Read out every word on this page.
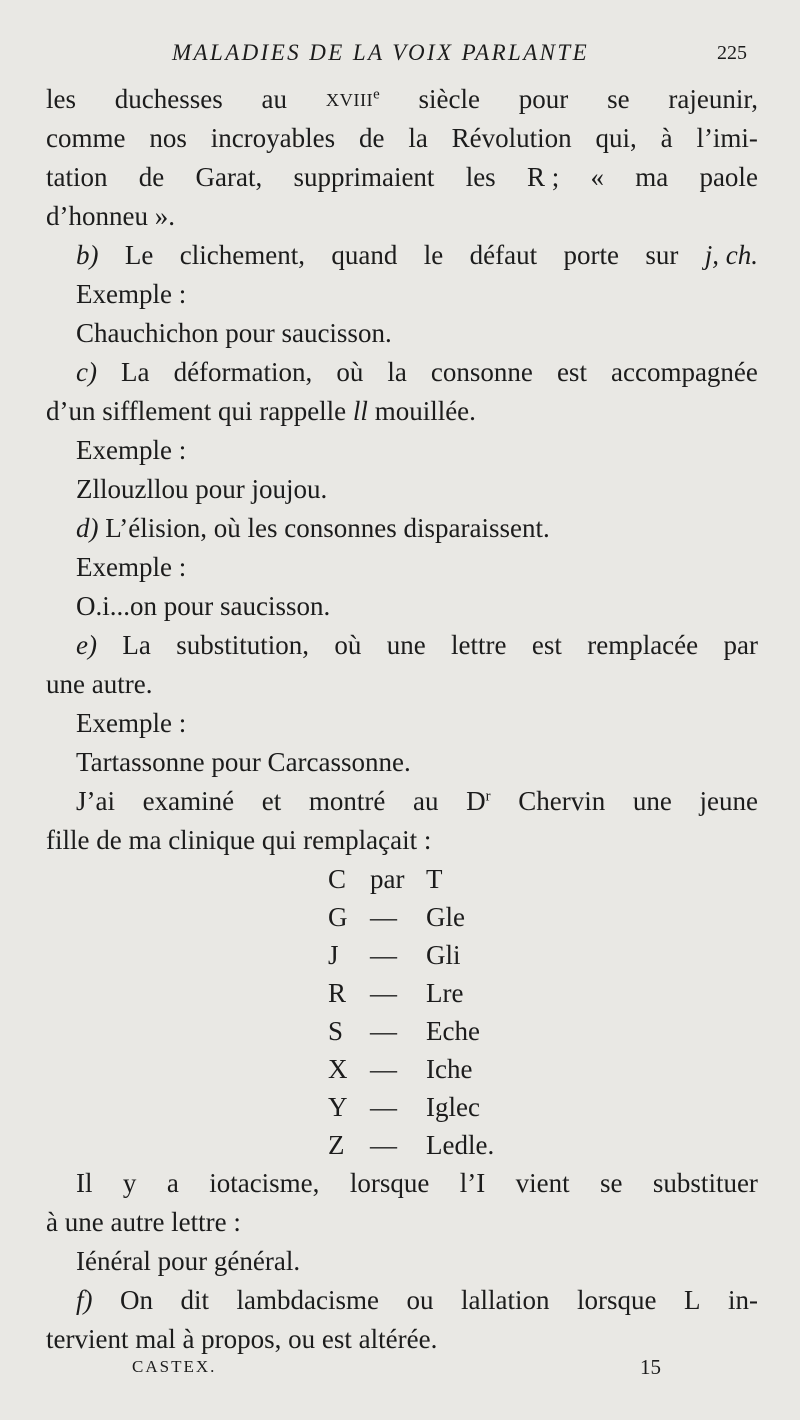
MALADIES DE LA VOIX PARLANTE	225
les duchesses au XVIIIe siècle pour se rajeunir,
comme nos incroyables de la Révolution qui, à l’imi-
tation de Garat, supprimaient les R ; « ma paole
d’honneu ».
b) Le clichement, quand le défaut porte sur j, ch.
Exemple :
Chauchichon pour saucisson.
c) La déformation, où la consonne est accompagnée
d’un sifflement qui rappelle ll mouillée.
Exemple :
Zllouzllou pour joujou.
d) L’élision, où les consonnes disparaissent.
Exemple :
O.i...on pour saucisson.
e) La substitution, où une lettre est remplacée par
une autre.
Exemple :
Tartassonne pour Carcassonne.
J’ai examiné et montré au $D^r$ Chervin une jeune
fille de ma clinique qui remplaçait :
C par T
G —	Gle
J	—	Gli
R —	Lre
S —	Eche
X —	Iche
Y —	Iglec
Z —	Ledle.
Il y a iotacisme, lorsque l’I vient se substituer
à une autre lettre :
Iénéral pour général.
f) On dit lambdacisme ou lallation lorsque L in-
tervient mal à propos, ou est altérée.
CASTEX.	15
